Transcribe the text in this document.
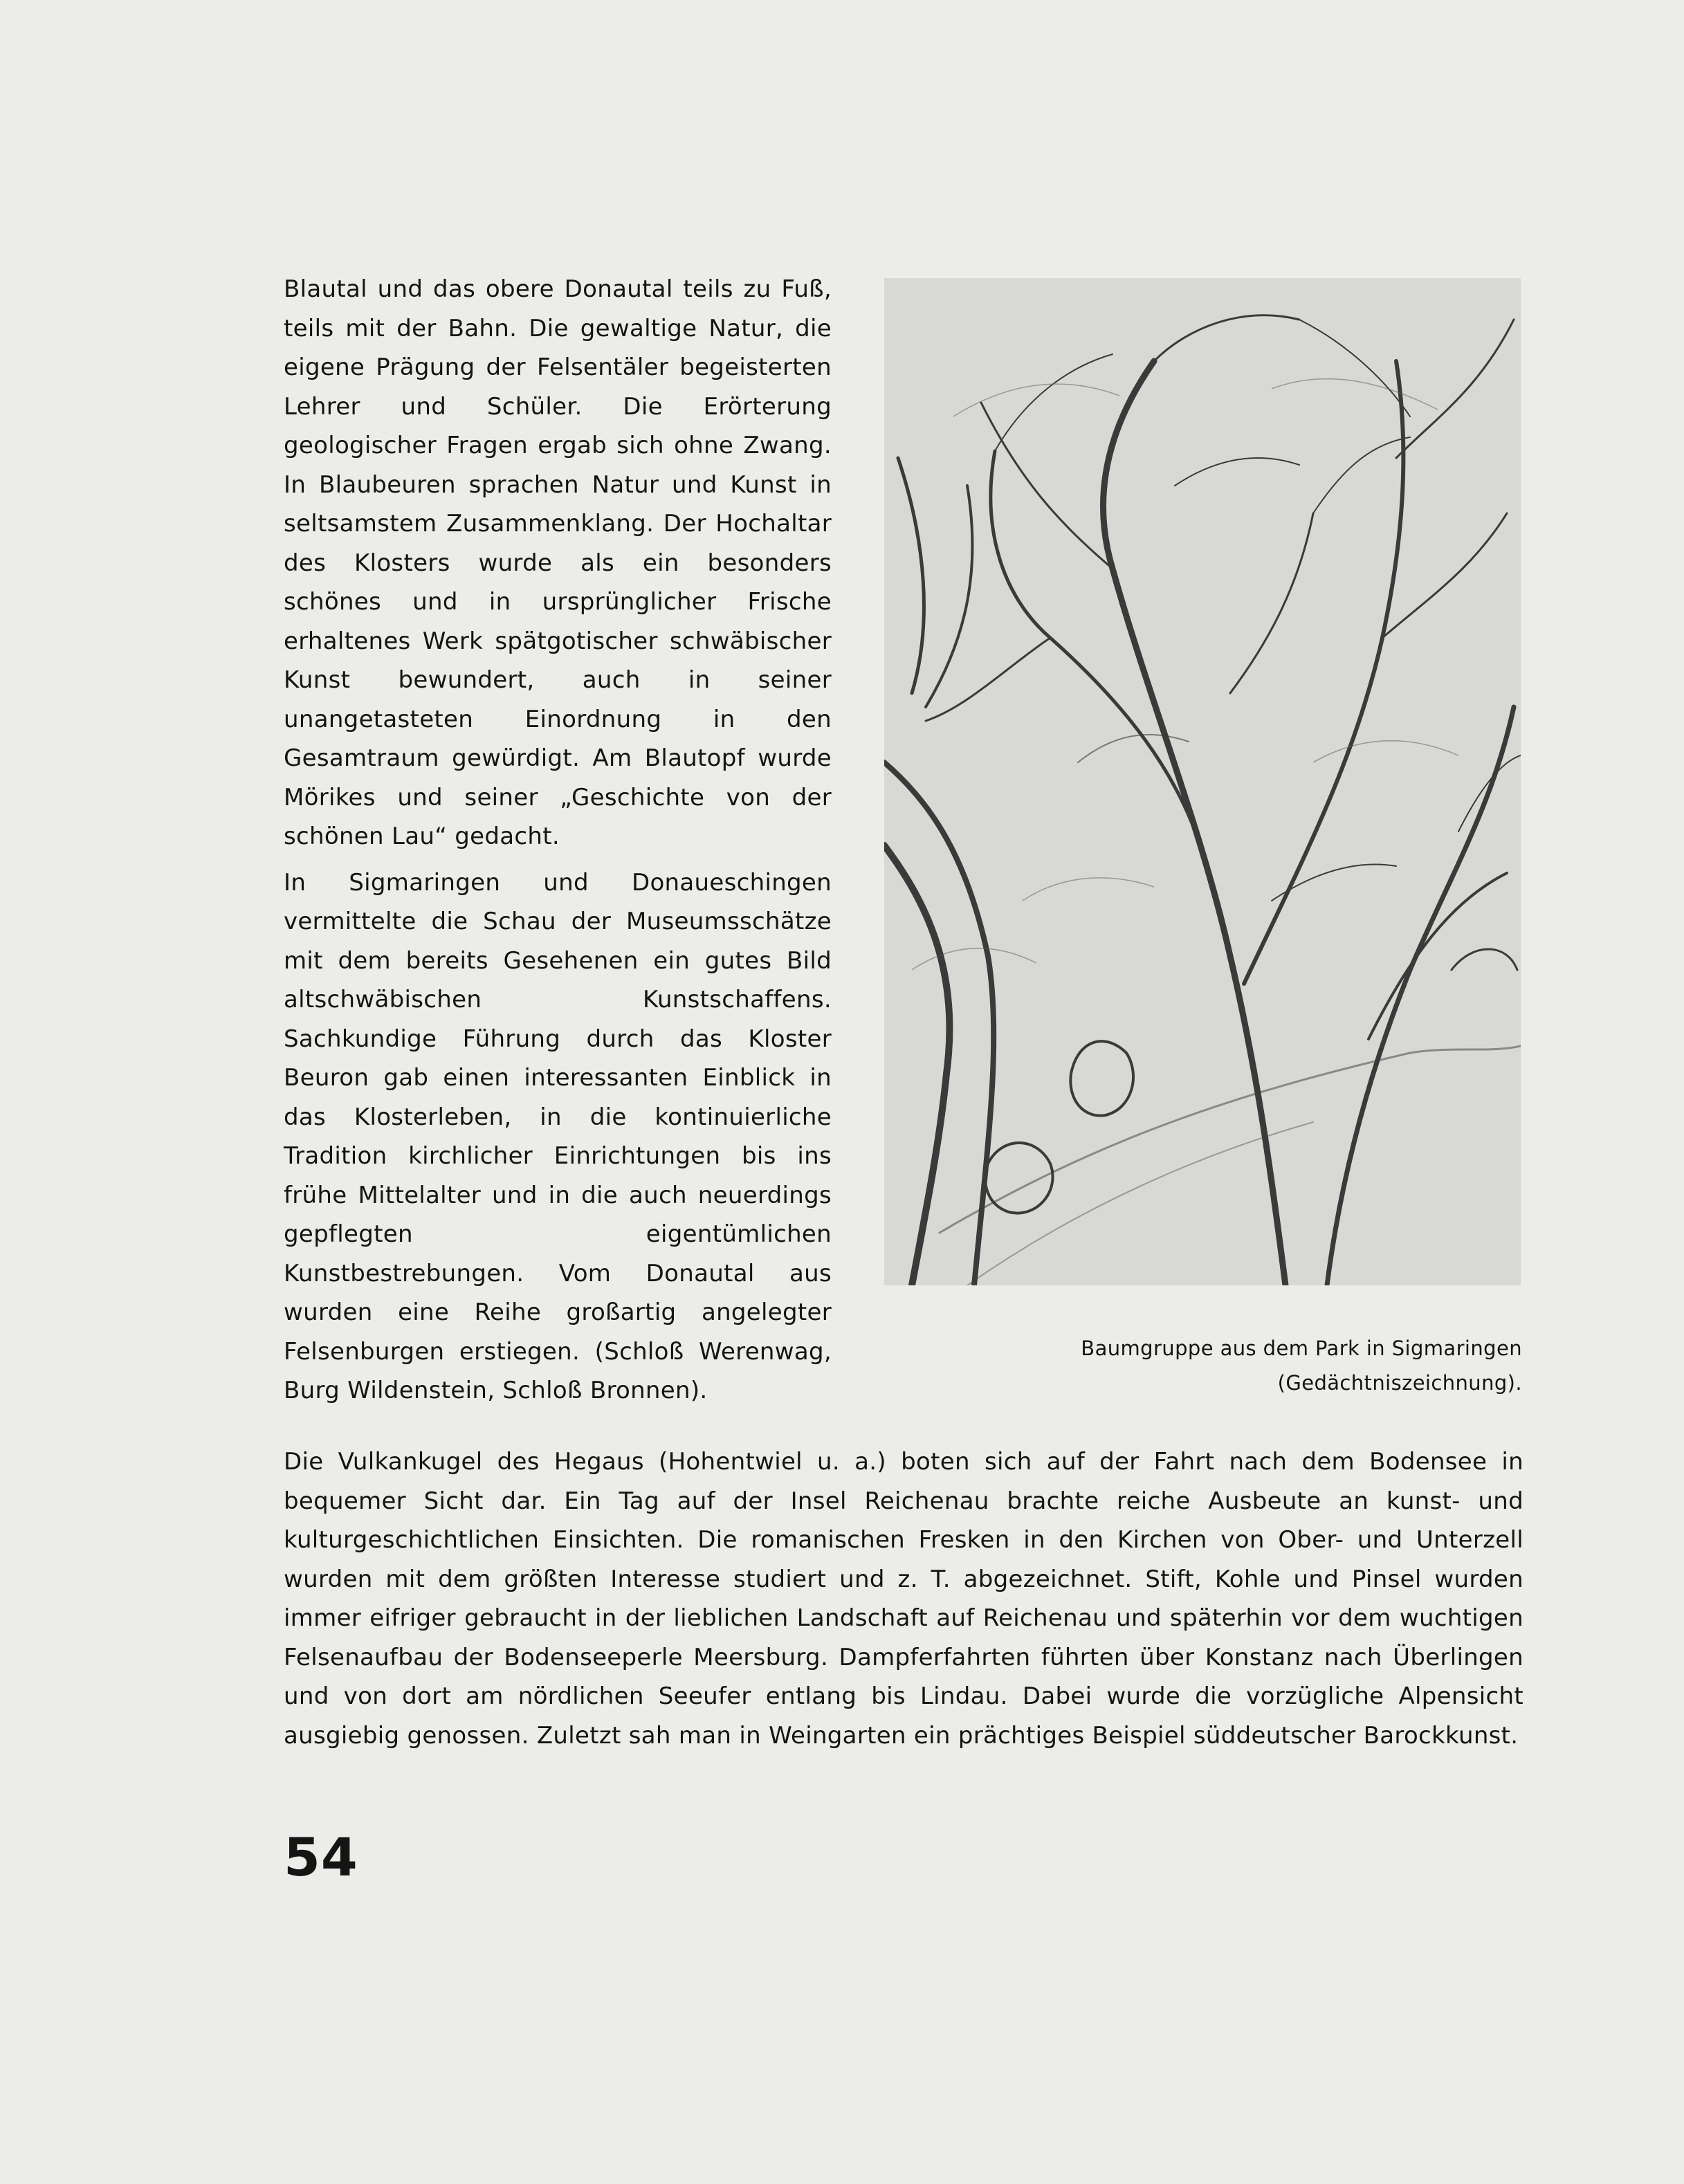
Blautal und das obere Donautal teils zu Fuß, teils mit der Bahn. Die gewaltige Natur, die eigene Prägung der Felsentäler begeisterten Lehrer und Schüler. Die Erörterung geologischer Fragen ergab sich ohne Zwang. In Blaubeuren sprachen Natur und Kunst in seltsamstem Zusammenklang. Der Hochaltar des Klosters wurde als ein besonders schönes und in ursprünglicher Frische erhaltenes Werk spätgotischer schwäbischer Kunst bewundert, auch in seiner unangetasteten Einordnung in den Gesamtraum gewürdigt. Am Blautopf wurde Mörikes und seiner „Geschichte von der schönen Lau“ gedacht.

In Sigmaringen und Donaueschingen vermittelte die Schau der Museumsschätze mit dem bereits Gesehenen ein gutes Bild altschwäbischen Kunstschaffens. Sachkundige Führung durch das Kloster Beuron gab einen interessanten Einblick in das Klosterleben, in die kontinuierliche Tradition kirchlicher Einrichtungen bis ins frühe Mittelalter und in die auch neuerdings gepflegten eigentümlichen Kunstbestrebungen. Vom Donautal aus wurden eine Reihe großartig angelegter Felsenburgen erstiegen. (Schloß Werenwag, Burg Wildenstein, Schloß Bronnen).

Baumgruppe aus dem Park in Sigmaringen
(Gedächtniszeichnung).

Die Vulkankugel des Hegaus (Hohentwiel u. a.) boten sich auf der Fahrt nach dem Bodensee in bequemer Sicht dar. Ein Tag auf der Insel Reichenau brachte reiche Ausbeute an kunst- und kulturgeschichtlichen Einsichten. Die romanischen Fresken in den Kirchen von Ober- und Unterzell wurden mit dem größten Interesse studiert und z. T. abgezeichnet. Stift, Kohle und Pinsel wurden immer eifriger gebraucht in der lieblichen Landschaft auf Reichenau und späterhin vor dem wuchtigen Felsenaufbau der Bodenseeperle Meersburg. Dampferfahrten führten über Konstanz nach Überlingen und von dort am nördlichen Seeufer entlang bis Lindau. Dabei wurde die vorzügliche Alpensicht ausgiebig genossen. Zuletzt sah man in Weingarten ein prächtiges Beispiel süddeutscher Barockkunst.

54
